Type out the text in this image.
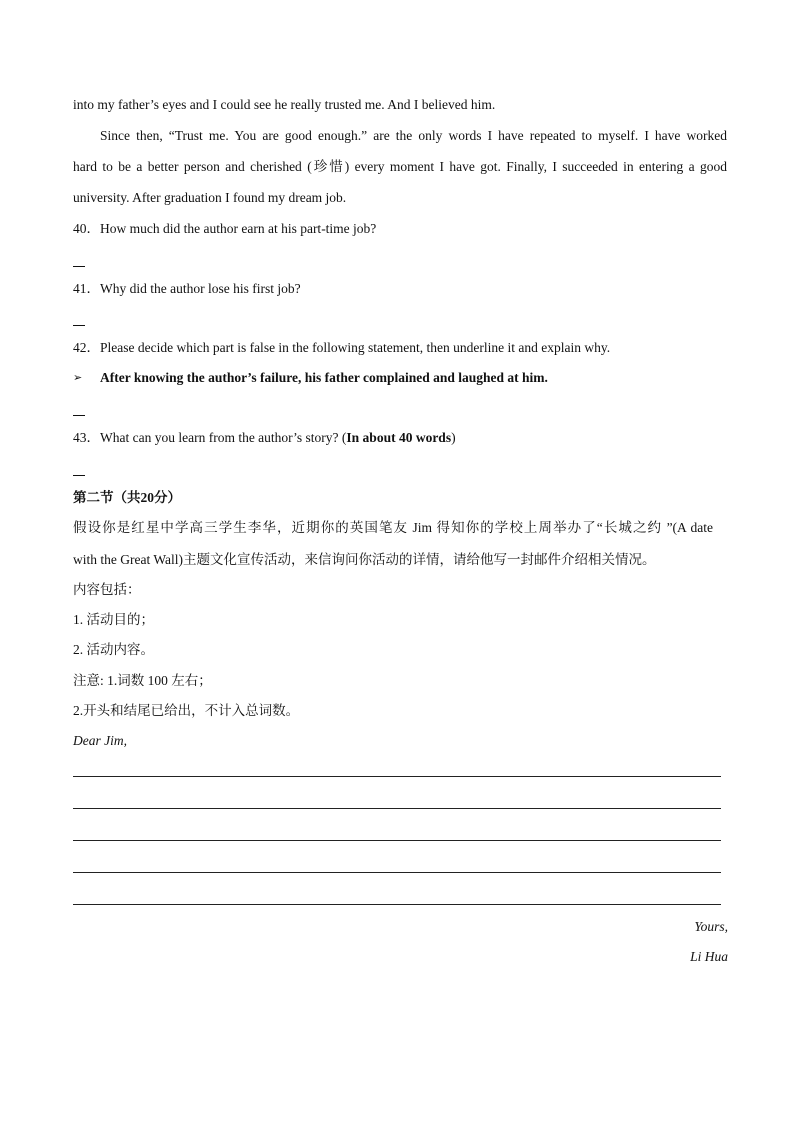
into my father’s eyes and I could see he really trusted me. And I believed him.
Since then, “Trust me. You are good enough.” are the only words I have repeated to myself. I have worked
hard to be a better person and cherished (珍惜) every moment I have got. Finally, I succeeded in entering a good
university. After graduation I found my dream job.
40．How much did the author earn at his part-time job?
41．Why did the author lose his first job?
42．Please decide which part is false in the following statement, then underline it and explain why.
➢ After knowing the author’s failure, his father complained and laughed at him.
43．What can you learn from the author’s story? (In about 40 words)
第二节（共20分）
假设你是红星中学高三学生李华，近期你的英国笔友 Jim 得知你的学校上周举办了“长城之约 ”(A date
with the Great Wall)主题文化宣传活动，来信询问你活动的详情，请给他写一封邮件介绍相关情况。
内容包括：
1. 活动目的；
2. 活动内容。
注意: 1.词数 100 左右；
2.开头和结尾已给出，不计入总词数。
Dear Jim,
Yours,
Li Hua
